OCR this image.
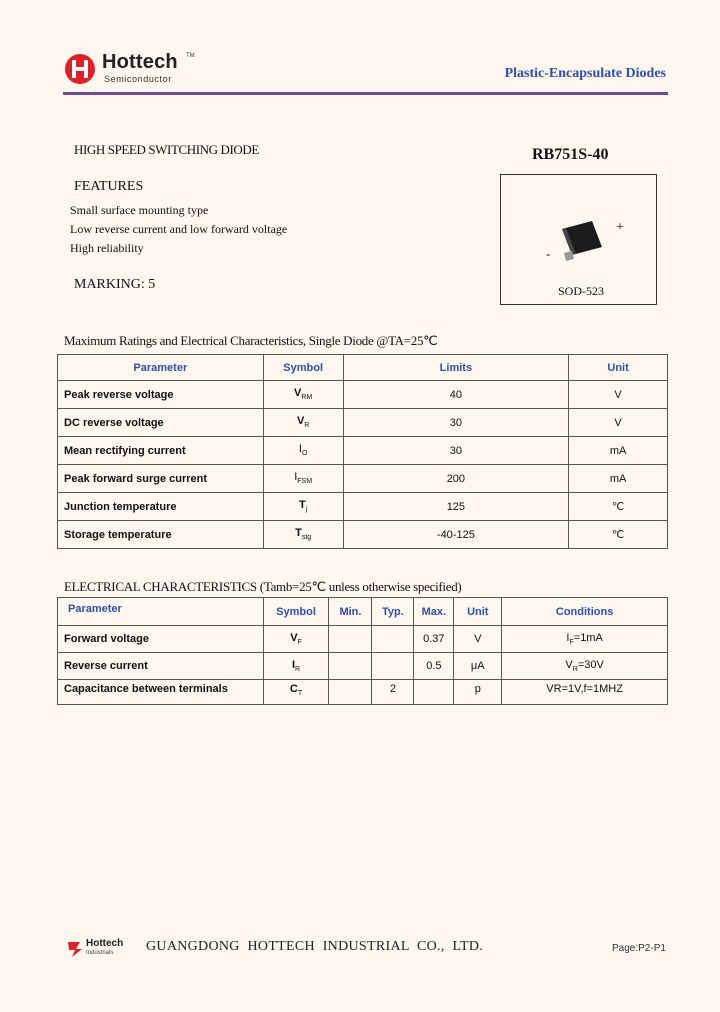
Hottech TM
Semiconductor	Plastic-Encapsulate Diodes
HIGH SPEED SWITCHING DIODE	RB751S-40
FEATURES
Small surface mounting type
Low reverse current and low forward voltage
High reliability
MARKING: 5
+
-
SOD-523
Maximum Ratings and Electrical Characteristics, Single Diode @TA=25℃
Parameter	Symbol	Limits	Unit
Peak reverse voltage	$V_{RM}$	40	V
DC reverse voltage	$V_R$	30	V
Mean rectifying current	$I_O$	30	mA
Peak forward surge current	$I_{FSM}$	200	mA
Junction temperature	$T_j$	125	℃
Storage temperature	$T_{stg}$	-40-125	℃
ELECTRICAL CHARACTERISTICS (Tamb=25℃ unless otherwise specified)
Parameter	Symbol	Min.	Typ.	Max.	Unit	Conditions
Forward voltage	$V_F$			0.37	V	$I_F=1mA$
Reverse current	$I_R$			0.5	μA	$V_R=30V$
Capacitance between terminals	$C_T$		2		p	VR=1V,f=1MHZ
Hottech
Industrials GUANGDONG HOTTECH INDUSTRIAL CO., LTD.	Page:P2-P1
